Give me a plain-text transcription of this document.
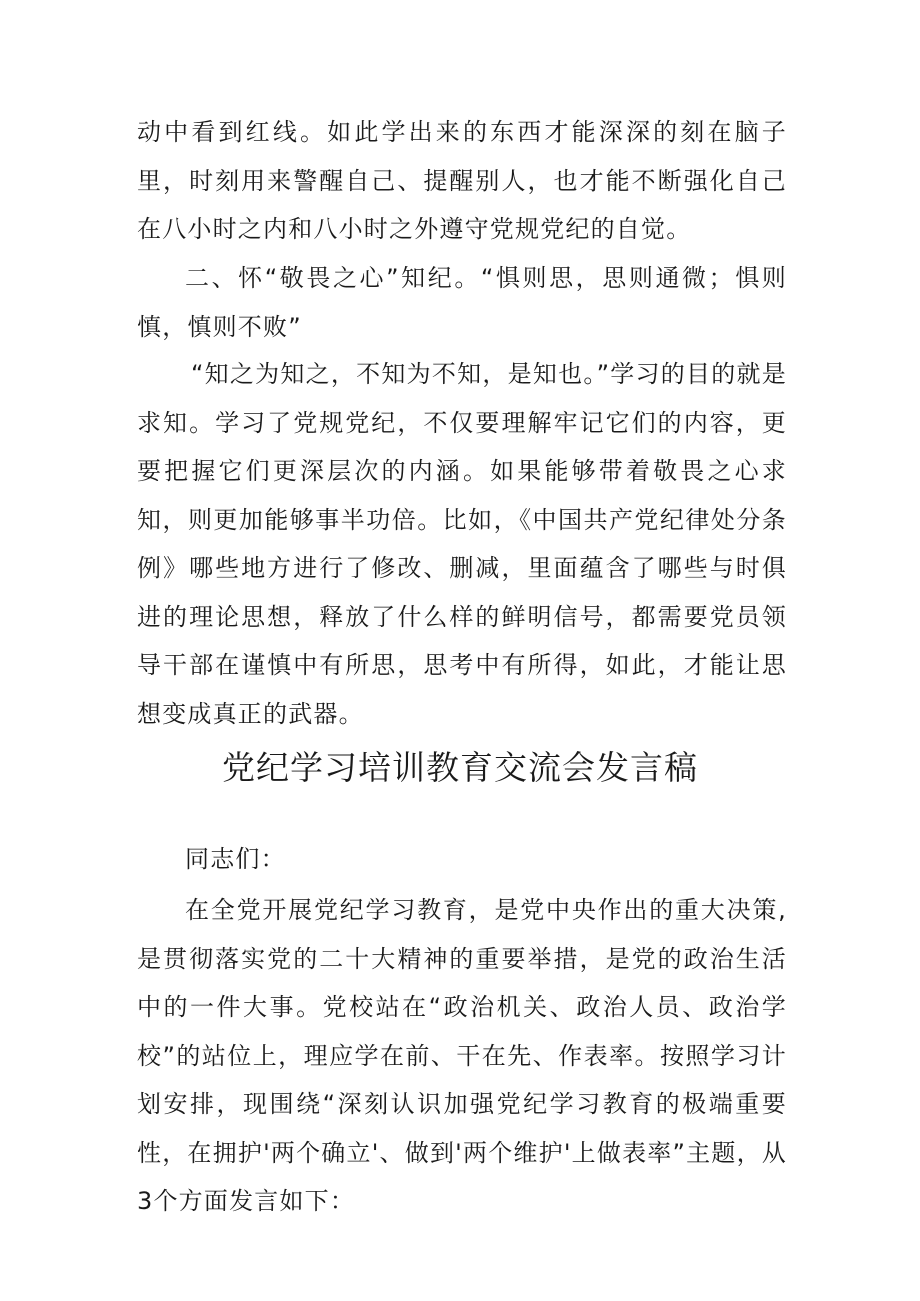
动中看到红线。如此学出来的东西才能深深的刻在脑子里，时刻用来警醒自己、提醒别人，也才能不断强化自己在八小时之内和八小时之外遵守党规党纪的自觉。

二、怀“敬畏之心”知纪。“惧则思，思则通微；惧则慎，慎则不败”

“知之为知之，不知为不知，是知也。”学习的目的就是求知。学习了党规党纪，不仅要理解牢记它们的内容，更要把握它们更深层次的内涵。如果能够带着敬畏之心求知，则更加能够事半功倍。比如，《中国共产党纪律处分条例》哪些地方进行了修改、删减，里面蕴含了哪些与时俱进的理论思想，释放了什么样的鲜明信号，都需要党员领导干部在谨慎中有所思，思考中有所得，如此，才能让思想变成真正的武器。

党纪学习培训教育交流会发言稿

同志们：

在全党开展党纪学习教育，是党中央作出的重大决策,是贯彻落实党的二十大精神的重要举措，是党的政治生活中的一件大事。党校站在“政治机关、政治人员、政治学校”的站位上，理应学在前、干在先、作表率。按照学习计划安排，现围绕“深刻认识加强党纪学习教育的极端重要性，在拥护'两个确立'、做到'两个维护'上做表率”主题，从3个方面发言如下：
